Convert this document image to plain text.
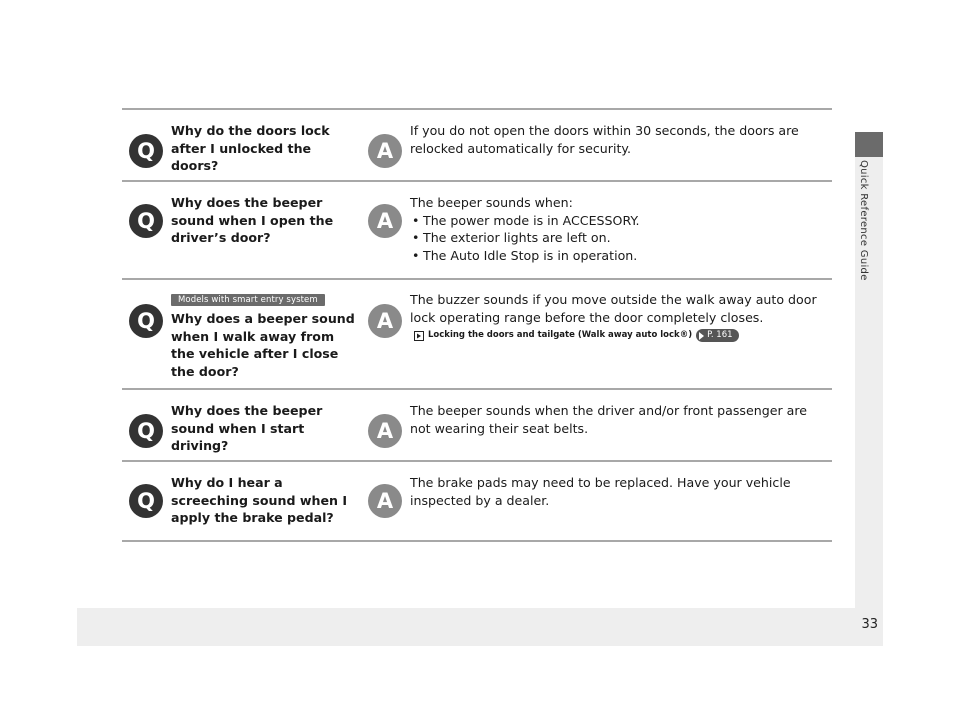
Quick Reference Guide
33
Q
Why do the doors lock after I unlocked the doors?
A
If you do not open the doors within 30 seconds, the doors are relocked automatically for security.
Q
Why does the beeper sound when I open the driver’s door?
A
The beeper sounds when:
• The power mode is in ACCESSORY.
• The exterior lights are left on.
• The Auto Idle Stop is in operation.
Q
Models with smart entry system
Why does a beeper sound when I walk away from the vehicle after I close the door?
A
The buzzer sounds if you move outside the walk away auto door lock operating range before the door completely closes.
Locking the doors and tailgate (Walk away auto lock®) P. 161
Q
Why does the beeper sound when I start driving?
A
The beeper sounds when the driver and/or front passenger are not wearing their seat belts.
Q
Why do I hear a screeching sound when I apply the brake pedal?
A
The brake pads may need to be replaced. Have your vehicle inspected by a dealer.
